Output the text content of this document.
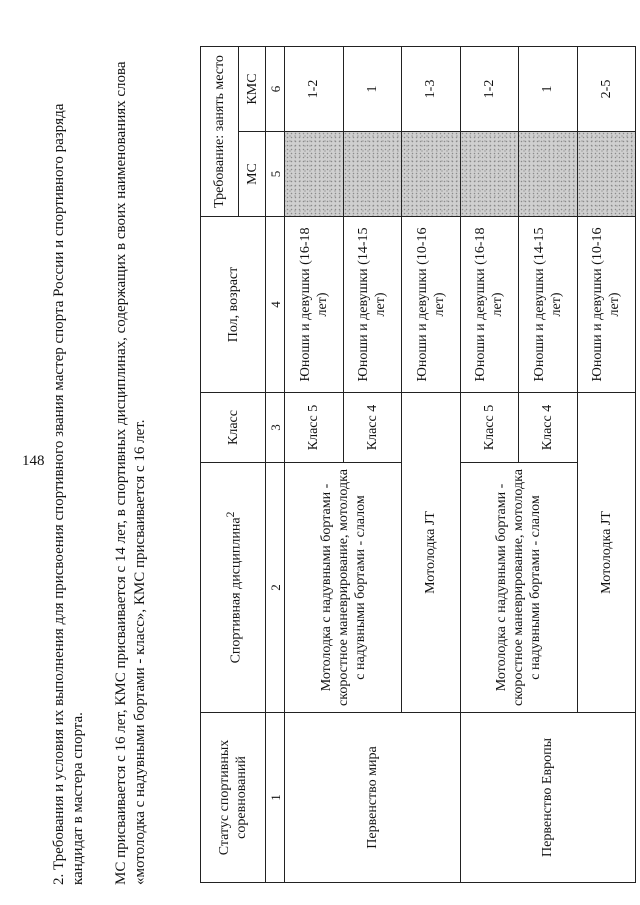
148 2. Требования и условия их выполнения для присвоения спортивного звания мастер спорта России и спортивного разряда кандидат в мастера спорта. МС присваивается с 16 лет, КМС присваивается с 14 лет, в спортивных дисциплинах, содержащих в своих наименованиях слова «мотолодка с надувными бортами - класс», КМС присваивается с 16 лет.	Статус спортивных соревнований	Спортивная дисциплина$^2$	Класс	Пол, возраст	Требование: занять место	
				МС	КМС
1	2	3	4	5	6
Первенство мира	Мотолодка с надувными бортами - скоростное маневрирование, мотолодка с надувными бортами - слалом	Класс 5	Юноши и девушки (16-18 лет)		1-2
		Класс 4	Юноши и девушки (14-15 лет)		1
	Мотолодка JT		Юноши и девушки (10-16 лет)		1-3
Первенство Европы	Мотолодка с надувными бортами - скоростное маневрирование, мотолодка с надувными бортами - слалом	Класс 5	Юноши и девушки (16-18 лет)		1-2
		Класс 4	Юноши и девушки (14-15 лет)		1
	Мотолодка JT		Юноши и девушки (10-16 лет)		2-5
